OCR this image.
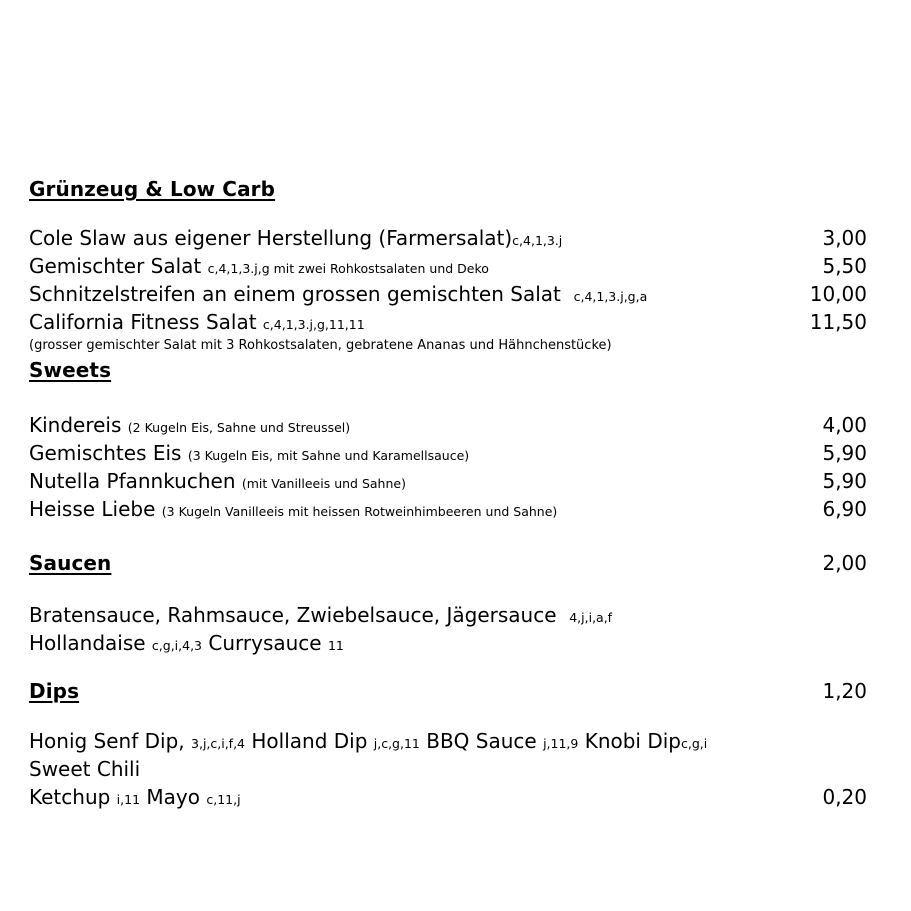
Grünzeug & Low Carb
Cole Slaw aus eigener Herstellung (Farmersalat)c,4,1,3.j	3,00
Gemischter Salat c,4,1,3.j,g mit zwei Rohkostsalaten und Deko	5,50
Schnitzelstreifen an einem grossen gemischten Salat c,4,1,3.j,g,a	10,00
California Fitness Salat c,4,1,3.j,g,11,11	11,50
(grosser gemischter Salat mit 3 Rohkostsalaten, gebratene Ananas und Hähnchenstücke)
Sweets
Kindereis (2 Kugeln Eis, Sahne und Streussel)	4,00
Gemischtes Eis (3 Kugeln Eis, mit Sahne und Karamellsauce)	5,90
Nutella Pfannkuchen (mit Vanilleeis und Sahne)	5,90
Heisse Liebe (3 Kugeln Vanilleeis mit heissen Rotweinhimbeeren und Sahne)	6,90
Saucen	2,00
Bratensauce, Rahmsauce, Zwiebelsauce, Jägersauce 4,j,i,a,f
Hollandaise c,g,i,4,3 Currysauce 11
Dips	1,20
Honig Senf Dip, 3,j,c,i,f,4 Holland Dip j,c,g,11 BBQ Sauce j,11,9 Knobi Dipc,g,i
Sweet Chili
Ketchup i,11 Mayo c,11,j	0,20
